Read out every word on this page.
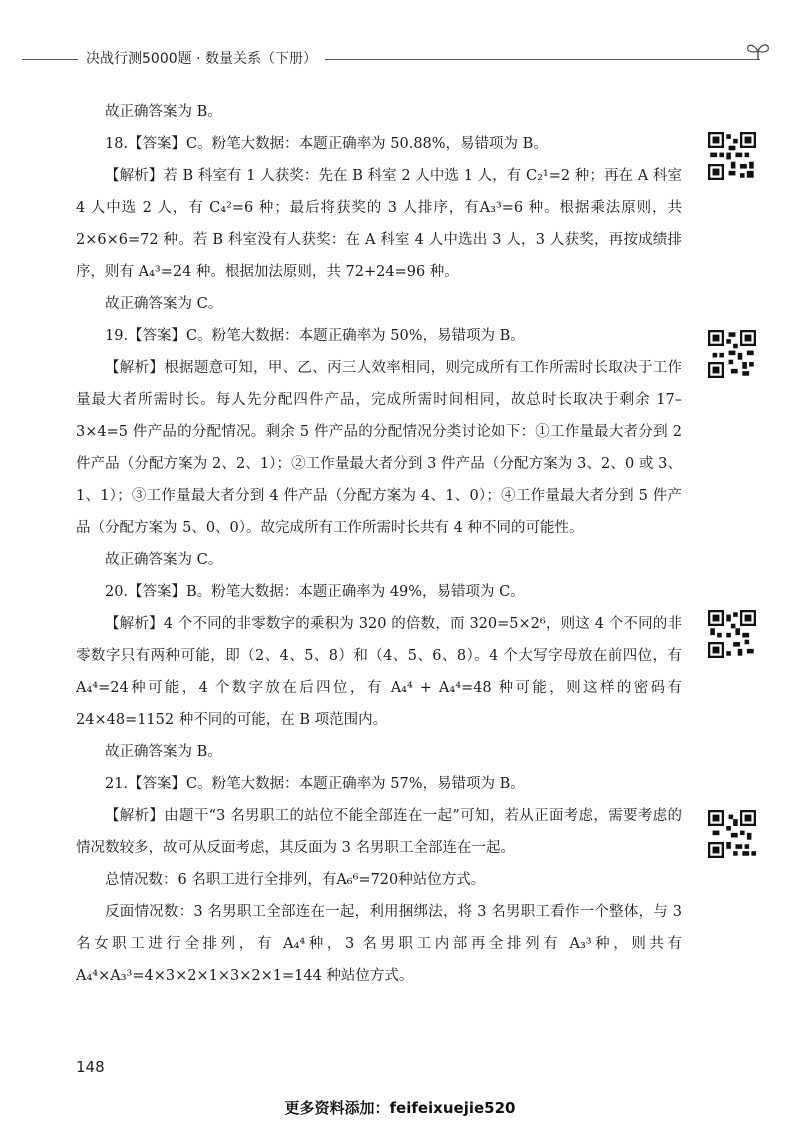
决战行测5000题 · 数量关系（下册）

故正确答案为 B。

18.【答案】C。粉笔大数据：本题正确率为 50.88%，易错项为 B。

【解析】若 B 科室有 1 人获奖：先在 B 科室 2 人中选 1 人，有 C₂¹=2 种；再在 A 科室 4 人中选 2 人，有 C₄²=6 种；最后将获奖的 3 人排序，有A₃³=6 种。根据乘法原则，共 2×6×6=72 种。若 B 科室没有人获奖：在 A 科室 4 人中选出 3 人，3 人获奖，再按成绩排序，则有 A₄³=24 种。根据加法原则，共 72+24=96 种。

故正确答案为 C。

19.【答案】C。粉笔大数据：本题正确率为 50%，易错项为 B。

【解析】根据题意可知，甲、乙、丙三人效率相同，则完成所有工作所需时长取决于工作量最大者所需时长。每人先分配四件产品，完成所需时间相同，故总时长取决于剩余 17–3×4=5 件产品的分配情况。剩余 5 件产品的分配情况分类讨论如下：①工作量最大者分到 2 件产品（分配方案为 2、2、1）；②工作量最大者分到 3 件产品（分配方案为 3、2、0 或 3、1、1）；③工作量最大者分到 4 件产品（分配方案为 4、1、0）；④工作量最大者分到 5 件产品（分配方案为 5、0、0）。故完成所有工作所需时长共有 4 种不同的可能性。

故正确答案为 C。

20.【答案】B。粉笔大数据：本题正确率为 49%，易错项为 C。

【解析】4 个不同的非零数字的乘积为 320 的倍数，而 320=5×2⁶，则这 4 个不同的非零数字只有两种可能，即（2、4、5、8）和（4、5、6、8）。4 个大写字母放在前四位，有 A₄⁴=24种可能，4 个数字放在后四位，有 A₄⁴ + A₄⁴=48 种可能，则这样的密码有 24×48=1152 种不同的可能，在 B 项范围内。

故正确答案为 B。

21.【答案】C。粉笔大数据：本题正确率为 57%，易错项为 B。

【解析】由题干“3 名男职工的站位不能全部连在一起”可知，若从正面考虑，需要考虑的情况数较多，故可从反面考虑，其反面为 3 名男职工全部连在一起。

总情况数：6 名职工进行全排列，有A₆⁶=720种站位方式。

反面情况数：3 名男职工全部连在一起，利用捆绑法，将 3 名男职工看作一个整体，与 3 名女职工进行全排列，有 A₄⁴种，3 名男职工内部再全排列有 A₃³种，则共有 A₄⁴×A₃³=4×3×2×1×3×2×1=144 种站位方式。

148
更多资料添加：feifeixuejie520
